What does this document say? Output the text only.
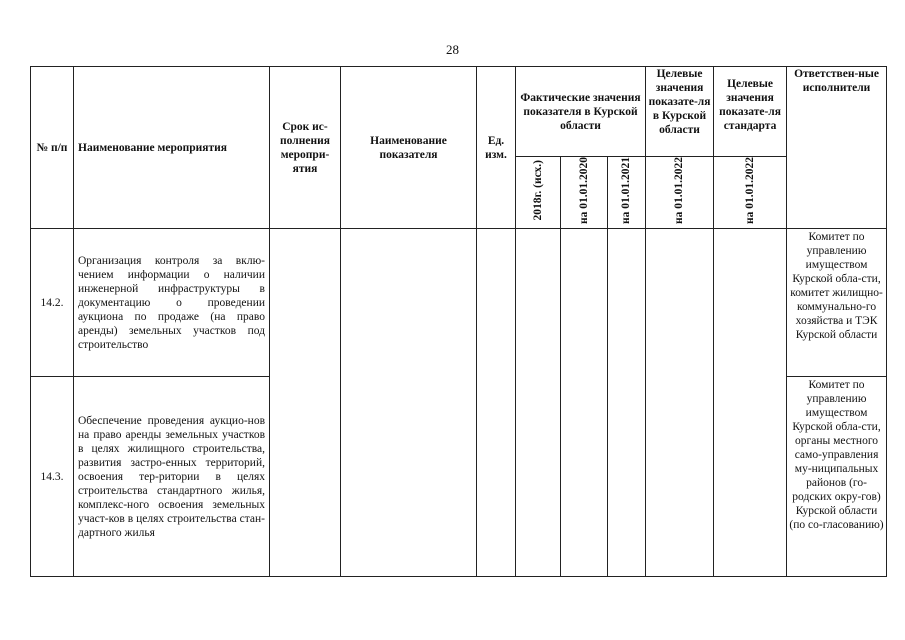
28
№ п/п	Наименование мероприятия	Срок ис-полнения меропри-ятия	Наименование показателя	Ед. изм.	Фактические значения показателя в Курской области			Целевые значения показате-ля в Курской области	Целевые значения показате-ля стандарта	Ответствен-ные исполнители
					2018г. (исх.)	на 01.01.2020	на 01.01.2021	на 01.01.2022	на 01.01.2022	
14.2.	Организация контроля за вклю-чением информации о наличии инженерной инфраструктуры в документацию о проведении аукциона по продаже (на право аренды) земельных участков под строительство									Комитет по управлению имуществом Курской обла-сти, комитет жилищно-коммунально-го хозяйства и ТЭК Курской области
14.3.	Обеспечение проведения аукцио-нов на право аренды земельных участков в целях жилищного строительства, развития застро-енных территорий, освоения тер-ритории в целях строительства стандартного жилья, комплекс-ного освоения земельных участ-ков в целях строительства стан-дартного жилья									Комитет по управлению имуществом Курской обла-сти, органы местного само-управления му-ниципальных районов (го-родских окру-гов) Курской области (по со-гласованию)
